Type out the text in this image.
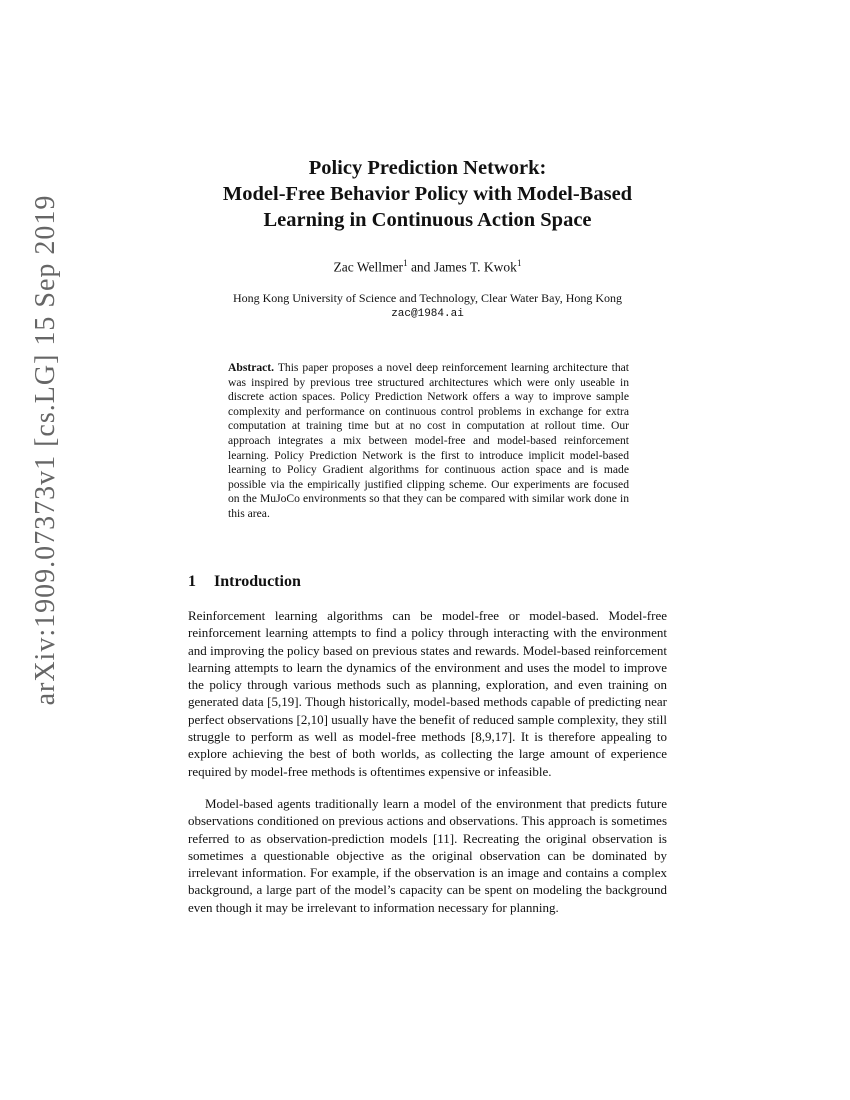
arXiv:1909.07373v1 [cs.LG] 15 Sep 2019
Policy Prediction Network:
Model-Free Behavior Policy with Model-Based
Learning in Continuous Action Space
Zac Wellmer$^1$ and James T. Kwok$^1$
Hong Kong University of Science and Technology, Clear Water Bay, Hong Kong
zac@1984.ai

Abstract. This paper proposes a novel deep reinforcement learning architecture that was inspired by previous tree structured architectures which were only useable in discrete action spaces. Policy Prediction Network offers a way to improve sample complexity and performance on continuous control problems in exchange for extra computation at training time but at no cost in computation at rollout time. Our approach integrates a mix between model-free and model-based reinforcement learning. Policy Prediction Network is the first to introduce implicit model-based learning to Policy Gradient algorithms for continuous action space and is made possible via the empirically justified clipping scheme. Our experiments are focused on the MuJoCo environments so that they can be compared with similar work done in this area.

1 Introduction

Reinforcement learning algorithms can be model-free or model-based. Model-free reinforcement learning attempts to find a policy through interacting with the environment and improving the policy based on previous states and rewards. Model-based reinforcement learning attempts to learn the dynamics of the environment and uses the model to improve the policy through various methods such as planning, exploration, and even training on generated data [5,19]. Though historically, model-based methods capable of predicting near perfect observations [2,10] usually have the benefit of reduced sample complexity, they still struggle to perform as well as model-free methods [8,9,17]. It is therefore appealing to explore achieving the best of both worlds, as collecting the large amount of experience required by model-free methods is oftentimes expensive or infeasible.

Model-based agents traditionally learn a model of the environment that predicts future observations conditioned on previous actions and observations. This approach is sometimes referred to as observation-prediction models [11]. Recreating the original observation is sometimes a questionable objective as the original observation can be dominated by irrelevant information. For example, if the observation is an image and contains a complex background, a large part of the model’s capacity can be spent on modeling the background even though it may be irrelevant to information necessary for planning.
